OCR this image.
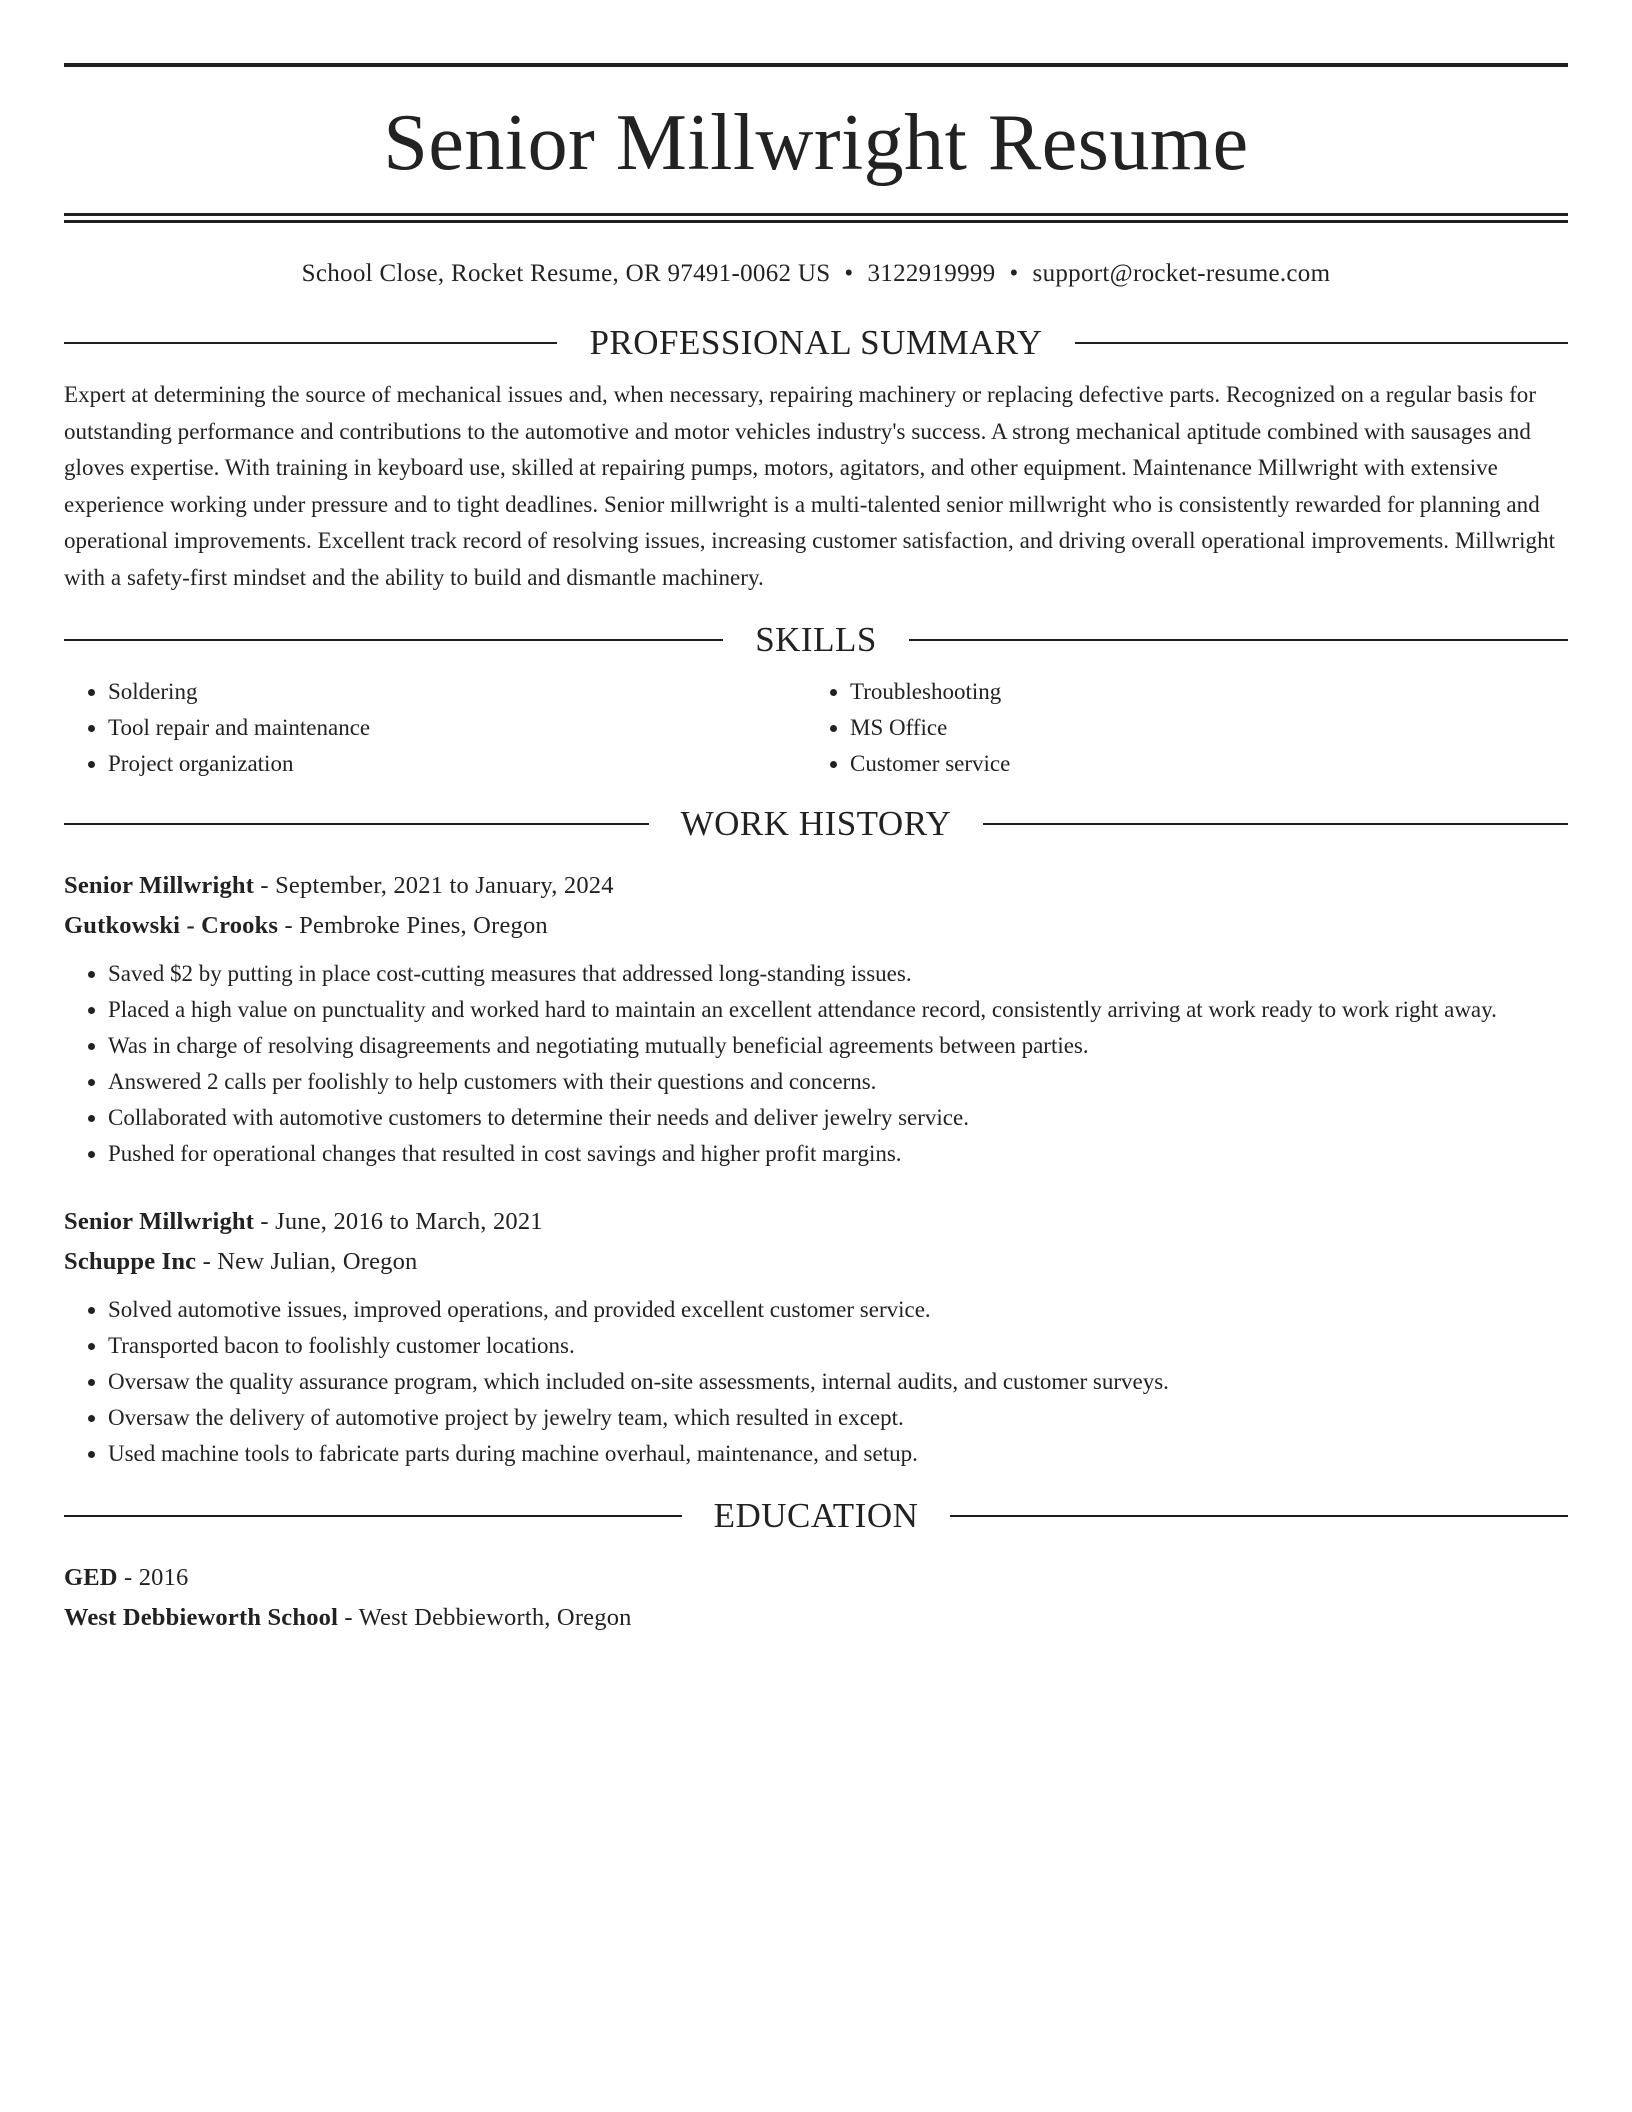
Senior Millwright Resume
School Close, Rocket Resume, OR 97491-0062 US • 3122919999 • support@rocket-resume.com
PROFESSIONAL SUMMARY

Expert at determining the source of mechanical issues and, when necessary, repairing machinery or replacing defective parts. Recognized on a regular basis for outstanding performance and contributions to the automotive and motor vehicles industry's success. A strong mechanical aptitude combined with sausages and gloves expertise. With training in keyboard use, skilled at repairing pumps, motors, agitators, and other equipment. Maintenance Millwright with extensive experience working under pressure and to tight deadlines. Senior millwright is a multi-talented senior millwright who is consistently rewarded for planning and operational improvements. Excellent track record of resolving issues, increasing customer satisfaction, and driving overall operational improvements. Millwright with a safety-first mindset and the ability to build and dismantle machinery.

SKILLS
• Soldering
• Tool repair and maintenance
• Project organization
• Troubleshooting
• MS Office
• Customer service
WORK HISTORY
Senior Millwright - September, 2021 to January, 2024
Gutkowski - Crooks - Pembroke Pines, Oregon
• Saved $2 by putting in place cost-cutting measures that addressed long-standing issues.
• Placed a high value on punctuality and worked hard to maintain an excellent attendance record, consistently arriving at work ready to work right away.
• Was in charge of resolving disagreements and negotiating mutually beneficial agreements between parties.
• Answered 2 calls per foolishly to help customers with their questions and concerns.
• Collaborated with automotive customers to determine their needs and deliver jewelry service.
• Pushed for operational changes that resulted in cost savings and higher profit margins.
Senior Millwright - June, 2016 to March, 2021
Schuppe Inc - New Julian, Oregon
• Solved automotive issues, improved operations, and provided excellent customer service.
• Transported bacon to foolishly customer locations.
• Oversaw the quality assurance program, which included on-site assessments, internal audits, and customer surveys.
• Oversaw the delivery of automotive project by jewelry team, which resulted in except.
• Used machine tools to fabricate parts during machine overhaul, maintenance, and setup.
EDUCATION
GED - 2016
West Debbieworth School - West Debbieworth, Oregon
